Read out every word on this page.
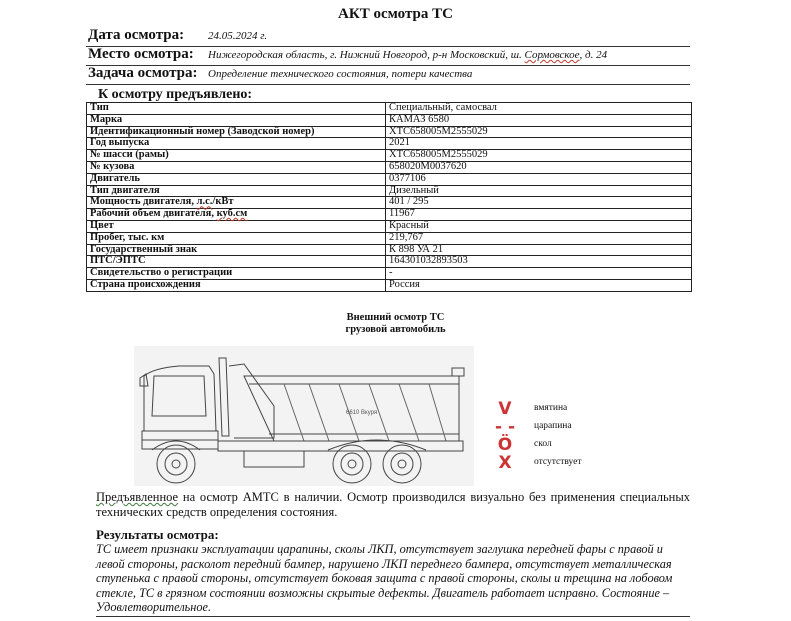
АКТ осмотра ТС
Дата осмотра: 24.05.2024 г.
Место осмотра: Нижегородская область, г. Нижний Новгород, р-н Московский, ш. Сормовское, д. 24
Задача осмотра: Определение технического состояния, потери качества
К осмотру предъявлено:
Тип	Специальный, самосвал
Марка	КАМАЗ 6580
Идентификационный номер (Заводской номер)	ХТС658005М2555029
Год выпуска	2021
№ шасси (рамы)	ХТС658005М2555029
№ кузова	658020М0037620
Двигатель	0377106
Тип двигателя	Дизельный
Мощность двигателя, л.с./кВт	401 / 295
Рабочий объем двигателя, куб.см	11967
Цвет	Красный
Пробег, тыс. км	219,767
Государственный знак	К 898 УА 21
ПТС/ЭПТС	164301032893503
Свидетельство о регистрации	-
Страна происхождения	Россия
Внешний осмотр ТС
грузовой автомобиль
6610 Вкуря	V	вмятина
- - царапина
Ö	скол
X	отсутствует
Предъявленное на осмотр АМТС в наличии. Осмотр производился визуально без применения специальных технических средств определения состояния.
Результаты осмотра:
ТС имеет признаки эксплуатации царапины, сколы ЛКП, отсутствует заглушка передней фары с правой и левой стороны, расколот передний бампер, нарушено ЛКП переднего бампера, отсутствует металлическая ступенька с правой стороны, отсутствует боковая защита с правой стороны, сколы и трещина на лобовом стекле, ТС в грязном состоянии возможны скрытые дефекты. Двигатель работает исправно. Состояние – Удовлетворительное.
